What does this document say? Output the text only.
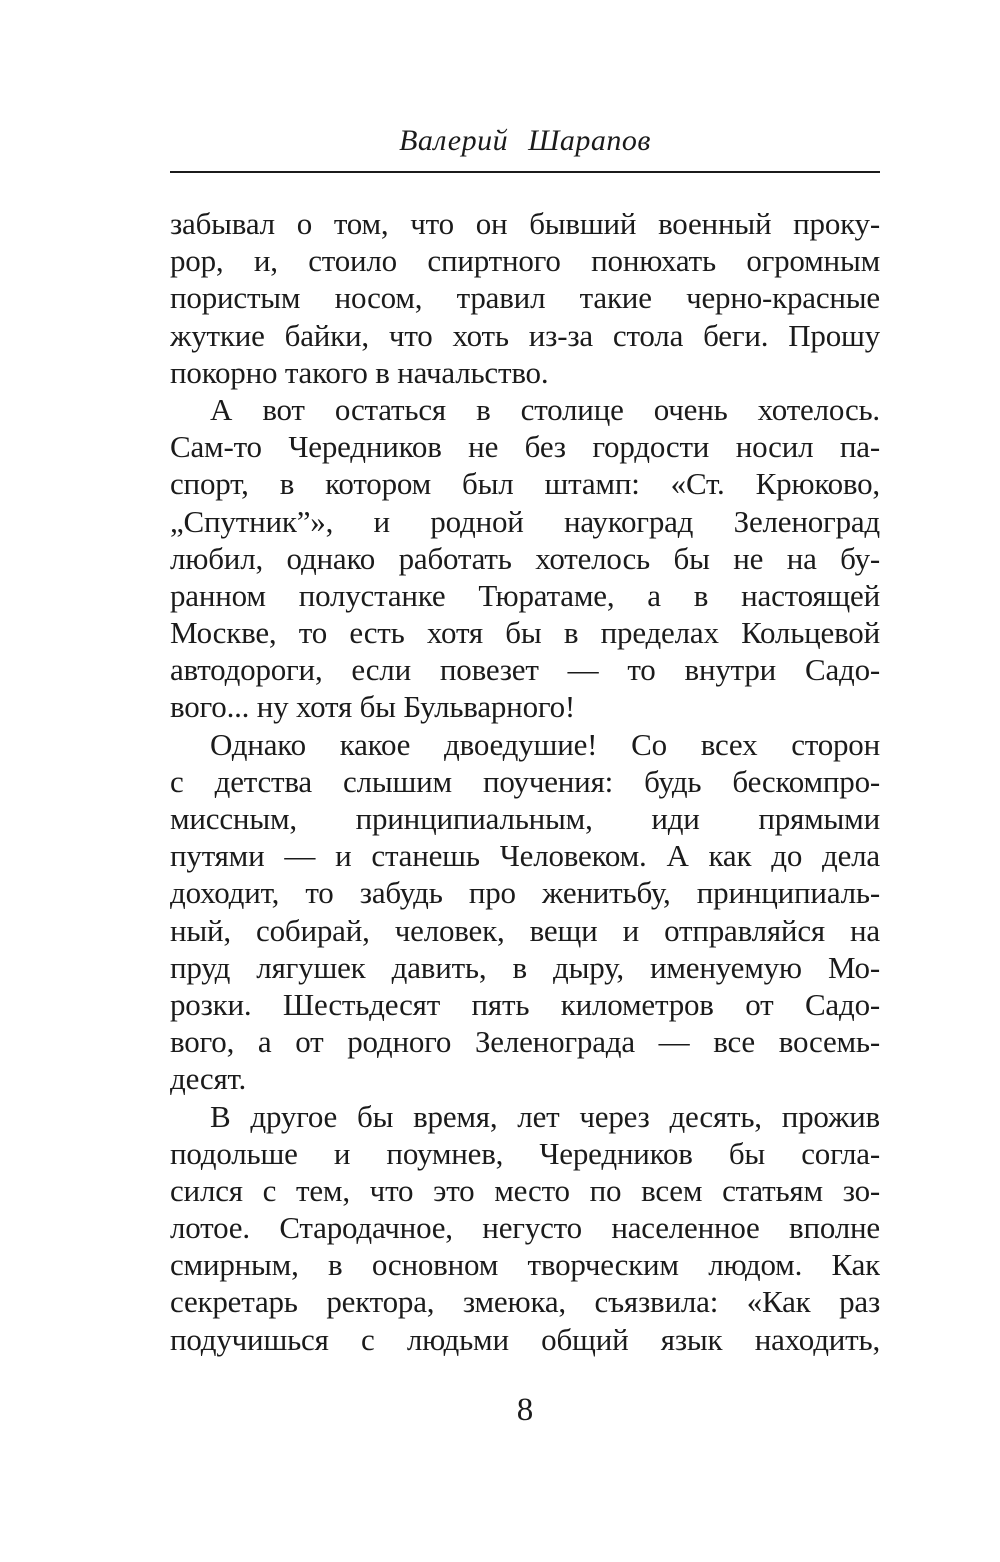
Валерий Шарапов
забывал о том, что он бывший военный проку-
рор, и, стоило спиртного понюхать огромным
пористым носом, травил такие черно-красные
жуткие байки, что хоть из-за стола беги. Прошу
покорно такого в начальство.
А вот остаться в столице очень хотелось.
Сам-то Чередников не без гордости носил па-
спорт, в котором был штамп: «Ст. Крюково,
„Спутник”», и родной наукоград Зеленоград
любил, однако работать хотелось бы не на бу-
ранном полустанке Тюратаме, а в настоящей
Москве, то есть хотя бы в пределах Кольцевой
автодороги, если повезет — то внутри Садо-
вого... ну хотя бы Бульварного!
Однако какое двоедушие! Со всех сторон
с детства слышим поучения: будь бескомпро-
миссным, принципиальным, иди прямыми
путями — и станешь Человеком. А как до дела
доходит, то забудь про женитьбу, принципиаль-
ный, собирай, человек, вещи и отправляйся на
пруд лягушек давить, в дыру, именуемую Мо-
розки. Шестьдесят пять километров от Садо-
вого, а от родного Зеленограда — все восемь-
десят.
В другое бы время, лет через десять, прожив
подольше и поумнев, Чередников бы согла-
сился с тем, что это место по всем статьям зо-
лотое. Стародачное, негусто населенное вполне
смирным, в основном творческим людом. Как
секретарь ректора, змеюка, съязвила: «Как раз
подучишься с людьми общий язык находить,
8
